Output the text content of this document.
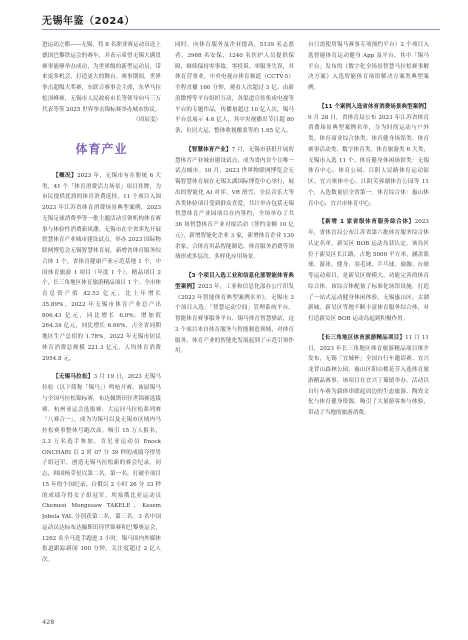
无锡年鉴（2024）

进运动之都——无锡，将 8 名职业赛运动员送上德国巴黎铁运会的赛车，并表示希望无锡大满贯赛事能够举办成功，为世界级的新型运动员，带来更多机会，打造更大的舞台。赛事期间，世界拳击超级大奖赛，东联合赛事会主席，东华马拉松顶峰赛，无锡市人民政府市长等领导向马三万代表等签 2025 世界拳击锦标赛举办城市协议。

（周辰雯）

体育产业

【概况】2023 年，无锡市有在册统 6 大类，41 个「体育消费活力场景」项目挂牌，为市民提供优质的体育消费选择，11 个项目入围 2023 年江苏省体育消费场景典型案例，2023 无锡足球消费季等一批主题活动引领机构体育赛事与体验性消费新风潮。无锡市在全省率先开展智慧体育产业城市建设试点，举办 2023 国际物联网博览会无锡智慧体育展，新增省体育服务综合体 1 个，省体育健康产业示范基地 1 个，中国体育旅游 1 项目（年度 1 个），精品项目 2 个，长三角地区体育旅游精品项目 1 个。全市体育总资产值 42.53 亿元，比上年增长 35.89%，2022 年无锡市体育产业总产出 806.43 亿元，同比增长 6.0%；增加值 264.34 亿元，同比增长 6.66%，占全省同期地区生产总值的 1.78%。2022 年无锡市居民体育消费总规模 221.3 亿元，人均体育消费 2954.8 元。

【无锡马拉松】3 月 19 日，2023 无锡马拉松（以下简称「锡马」）鸣枪开赛。该届锡马与全国马拉松锦标赛，布达佩斯田径世锦赛选拔赛、杭州亚运会选拔赛、大运河马拉松系列赛「八赛合一」，成为为锡马以及无锡市区域内马拉松赛事整体号跑次高。吸引 15 万人报名，3.3 万名选手参加，肯尼亚运动员 Enock ONCHARI 以 2 时 07 分 39 秒的成绩夺得男子组冠军，创造无锡马拉松新的赛会纪录，同志，韩国杨芽星以第二名，第一名，打破全项目 15 年的个国纪录，白俄以 2 小时 26 分 33 秒的成绩夺得女子组冠军，埃塞俄比亚运动员 Chemesi Mengesaw TAKELE、Kesem Jobela YAL 分别获第二名、第三名。3 名中国运动员达标布达佩斯田径世锦赛和巴黎奥运会，1262 名全马选手跑进 3 小时，锡马国内外媒体报道跟踪新闻 160 分钟，关注度超过 2 亿人次。

同时，向体育服务及企业提高，5139 名志愿者、3968 名安保，1240 名医护人员提供保障，继续保持零事故、零投诉、零服务失误，其体育营事业，中央电视台体育频道（CCTV-5）全程直播 160 分钟，观看人次超过 3 亿。由新浪微博等平台组织互动，各渠道宣传集成电视等平台的专题作品，传播量超过 10 亿人次，锡马平台总展示 4.6 亿人，其中央视播出节目超 80 条，位居大运，整体收视覆盖等的 1.95 亿人。

【智慧体育产业】7 月，无锡市获批开展智慧体育产业城市建设试点，成为省内首个且唯一试点城市。10 月，2023 世界物联网博览会无锡智慧体育展在无锡太湖国际博览中心举行，展出的智能化 AI 对弈、VR 滑雪、全民音乐大等各类体验项目受到群众喜爱，共计举办包括无锡智慧体育产业园项目在内签约，全场举办了共 36 场智慧体育产业对接活动（签约金额 10 亿元），新增智能化企业 3 家，新增体育企业 130 余家，合体育用品智能制造、体育服务消费等领域形成多层次、多样化应用场景。

【3 个项目入选工业和信息化部智能体育典型案例】2023 年，工业和信息化部办公厅印发《2023 年智能体育典型案例名单》，无锡市 3 个项目入选：「智慧运动空间」管理系统平台、智能体育赛事服务平台、锡马体育智慧驿站，这 3 个项目来自体育服务与智能制造领域，对体育服务、体育产业的智能化发展起到了示范引领作用。

台只需使用锡马赛事专项预约平台）2 个项目入选智能体育运动健身 App 及平台，其中「锡马平台」发布的《数字化全场景智慧马拉松赛事解决方案》入选智能体育场馆解决方案类典型案例。

【11 个案例入选省体育消费场景典型案例】9 月 28 日，省体育局公布 2023 年江苏省体育消费场景典型案例名单，分为时尚运动与户外类、体育商业综合体类、体育健身场馆类、体育赛事活动类、数字体育类、体育旅游类 6 大类，无锡市入选 11 个。体育健身休闲场馆类：无锡体育中心、体育公园、江阴人民路体育运动街区、宜兴奥体中心、江阴芙蓉湖体育公园等 11 个，入选数量居全省第一。体育综合体：惠山体育中心、宜兴市体育中心。

【新增 1 家省级体育服务综合体】2023 年，省体育局公布江苏省第六批体育服务综合体认定名单，新吴区 BOB 运动岛获认定。该岛区位于新吴区长江路，占地 5000 平方米，涵盖篮球、游泳、健身、羽毛球、乒乓球、瑜伽、台球等运动项目，是新吴区规模大、功能完善的体育综合体。该综合体配备了标准化场馆设施，打造了一站式运动健身休闲体验，无锡惠山区、太湖新城、新吴区等地不断丰富体育服务综合体，对打造新吴区 BOB 运动岛起到积极作用。

【长三角地区体育旅游精品项目】11 月 11 日，2023 年长三角地区体育旅游精品项目推介发布，无锡「宜城杯」全国自行车邀请赛、宜兴龙背山森林公园，惠山区阳山桃花节入选体育旅游精品赛事。该项目在宜兴丁蜀镇举办，活动以自行车赛为载体串联起周边的生态旅游、陶瓷文化与体育健身资源，吸引了大量游客参与体验，带动了当地的旅游消费。

428
